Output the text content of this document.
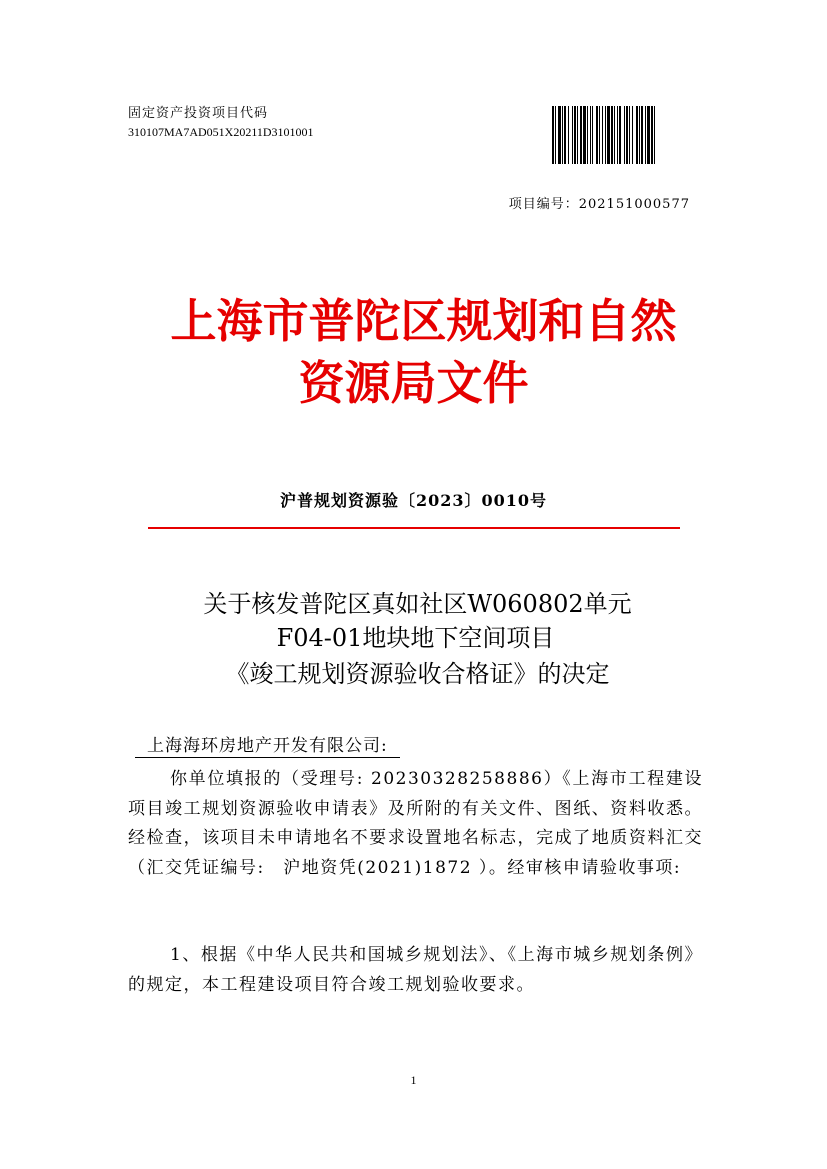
固定资产投资项目代码
310107MA7AD051X20211D3101001
项目编号：202151000577
上海市普陀区规划和自然
资源局文件
沪普规划资源验〔2023〕0010号
关于核发普陀区真如社区W060802单元
F04-01地块地下空间项目
《竣工规划资源验收合格证》的决定
上海海环房地产开发有限公司:

你单位填报的（受理号: 20230328258886）《上海市工程建设项目竣工规划资源验收申请表》及所附的有关文件、图纸、资料收悉。经检查，该项目未申请地名不要求设置地名标志，完成了地质资料汇交（汇交凭证编号:　沪地资凭(2021)1872 ）。经审核申请验收事项:

1、根据《中华人民共和国城乡规划法》、《上海市城乡规划条例》的规定，本工程建设项目符合竣工规划验收要求。

1
